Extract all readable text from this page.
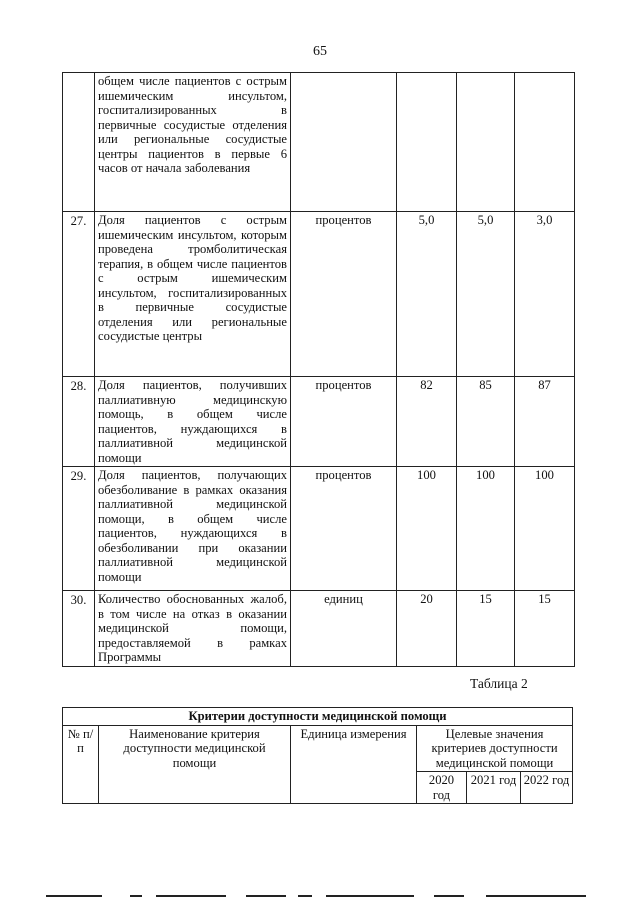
65
	общем числе пациентов с острым ишемическим инсультом, госпитализированных в первичные сосудистые отделения или региональные сосудистые центры пациентов в первые 6 часов от начала заболевания				
27.	Доля пациентов с острым ишемическим инсультом, которым проведена тромболитическая терапия, в общем числе пациентов с острым ишемическим инсультом, госпитализированных в первичные сосудистые отделения или региональные сосудистые центры	процентов	5,0	5,0	3,0
28.	Доля пациентов, получивших паллиативную медицинскую помощь, в общем числе пациентов, нуждающихся в паллиативной медицинской помощи	процентов	82	85	87
29.	Доля пациентов, получающих обезболивание в рамках оказания паллиативной медицинской помощи, в общем числе пациентов, нуждающихся в обезболивании при оказании паллиативной медицинской помощи	процентов	100	100	100
30.	Количество обоснованных жалоб, в том числе на отказ в оказании медицинской помощи, предоставляемой в рамках Программы	единиц	20	15	15
Таблица 2
Критерии доступности медицинской помощи					
№ п/п	Наименование критерия доступности медицинской помощи	Единица измерения	Целевые значения критериев доступности медицинской помощи		
			2020 год	2021 год	2022 год
